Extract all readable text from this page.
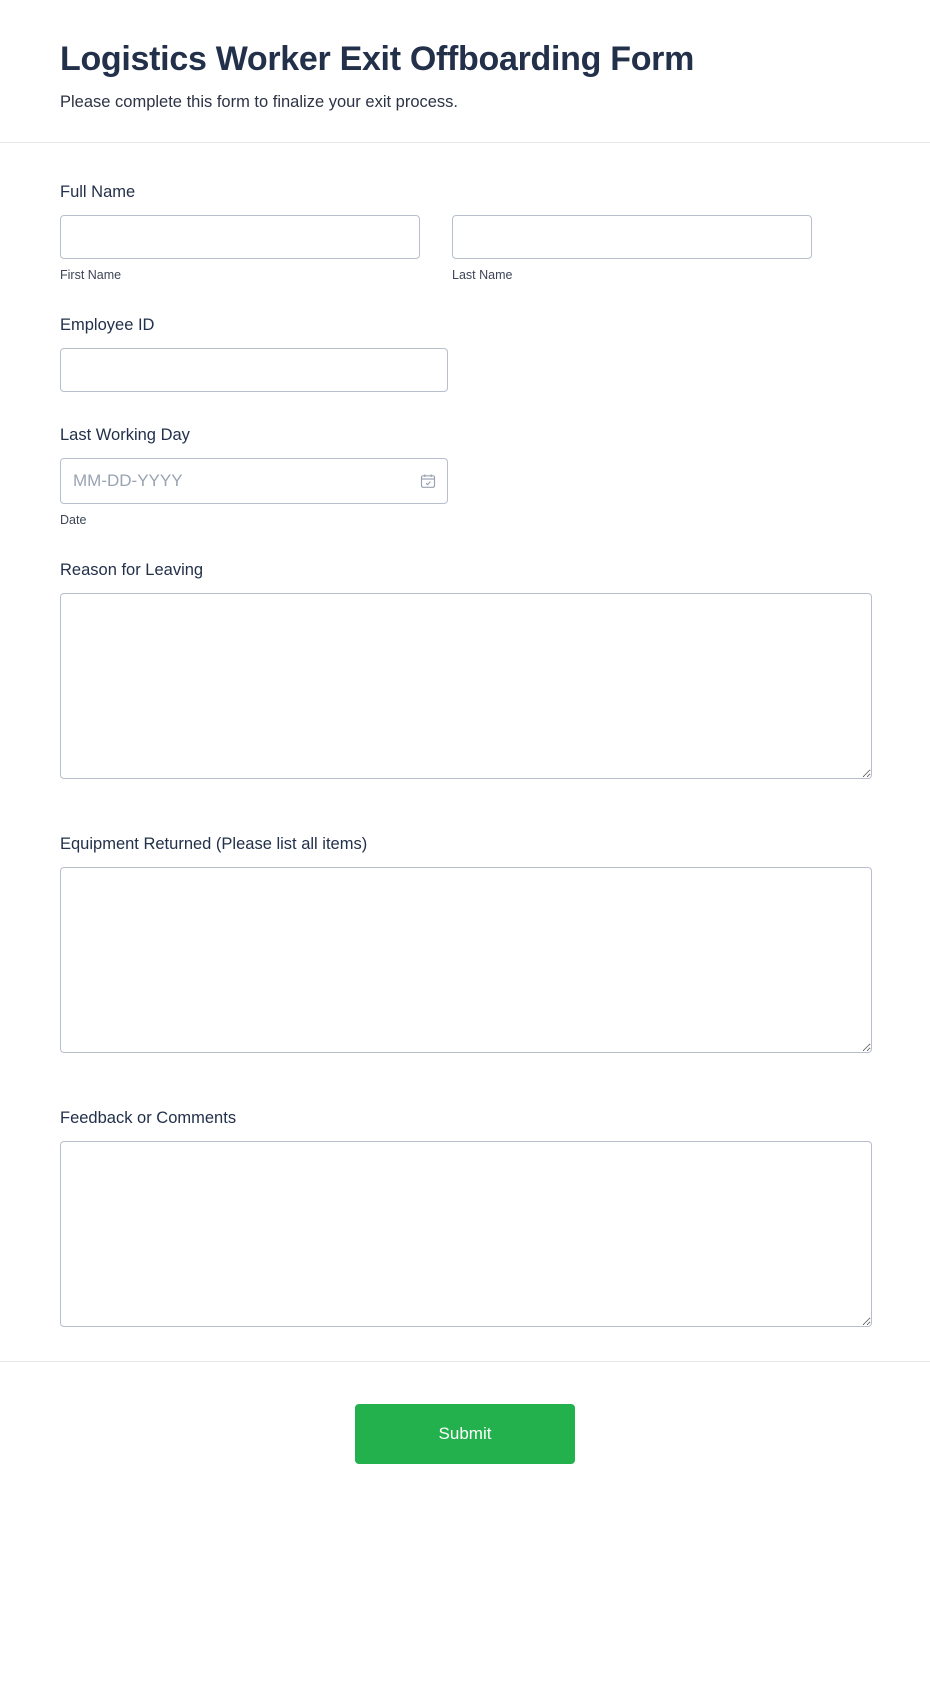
Logistics Worker Exit Offboarding Form

Please complete this form to finalize your exit process.

Full Name
First Name	Last Name
Employee ID
Last Working Day
MM-DD-YYYY
Date
Reason for Leaving
Equipment Returned (Please list all items)
Feedback or Comments
Submit
